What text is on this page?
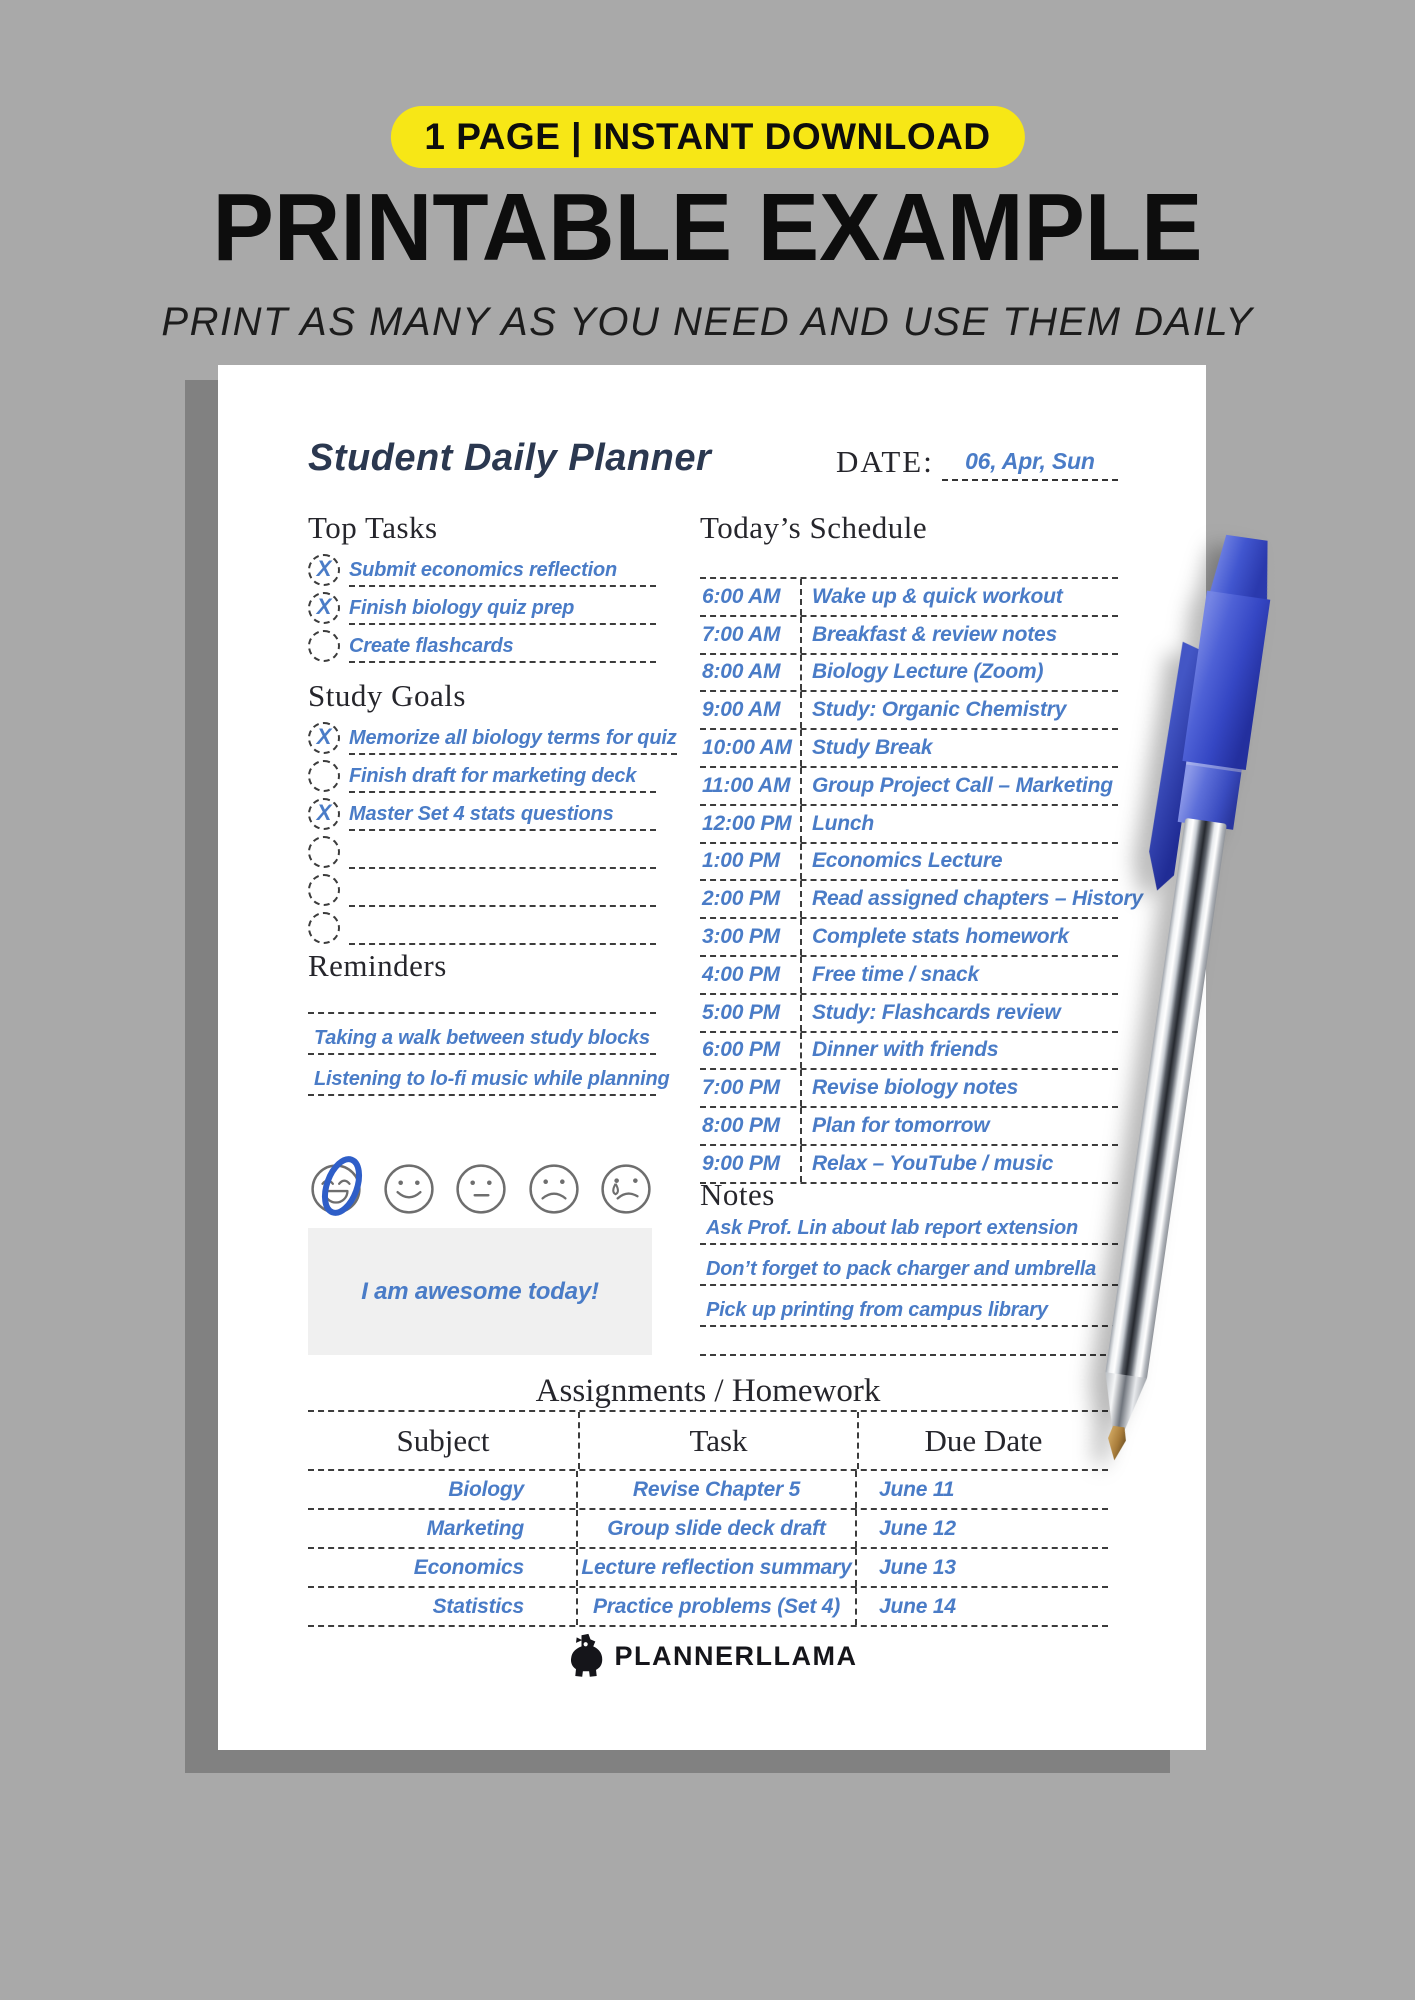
1 PAGE | INSTANT DOWNLOAD
PRINTABLE EXAMPLE
PRINT AS MANY AS YOU NEED AND USE THEM DAILY
Student Daily Planner	DATE:	06, Apr, Sun
Top Tasks
X Submit economics reflection
X Finish biology quiz prep
Create flashcards
Study Goals
X Memorize all biology terms for quiz
Finish draft for marketing deck
X Master Set 4 stats questions
Reminders
Taking a walk between study blocks
Listening to lo-fi music while planning
I am awesome today!
Today’s Schedule
6:00 AM	Wake up & quick workout
7:00 AM	Breakfast & review notes
8:00 AM	Biology Lecture (Zoom)
9:00 AM	Study: Organic Chemistry
10:00 AM Study Break
11:00 AM	Group Project Call – Marketing
12:00 PM Lunch
1:00 PM	Economics Lecture
2:00 PM	Read assigned chapters – History
3:00 PM	Complete stats homework
4:00 PM	Free time / snack
5:00 PM	Study: Flashcards review
6:00 PM	Dinner with friends
7:00 PM	Revise biology notes
8:00 PM	Plan for tomorrow
9:00 PM	Relax – YouTube / music
Notes
Ask Prof. Lin about lab report extension
Don’t forget to pack charger and umbrella
Pick up printing from campus library
Assignments / Homework
Subject	Task	Due Date
Biology	Revise Chapter 5	June 11
Marketing	Group slide deck draft	June 12
Economics	Lecture reflection summary	June 13
Statistics	Practice problems (Set 4)	June 14
PLANNERLLAMA
